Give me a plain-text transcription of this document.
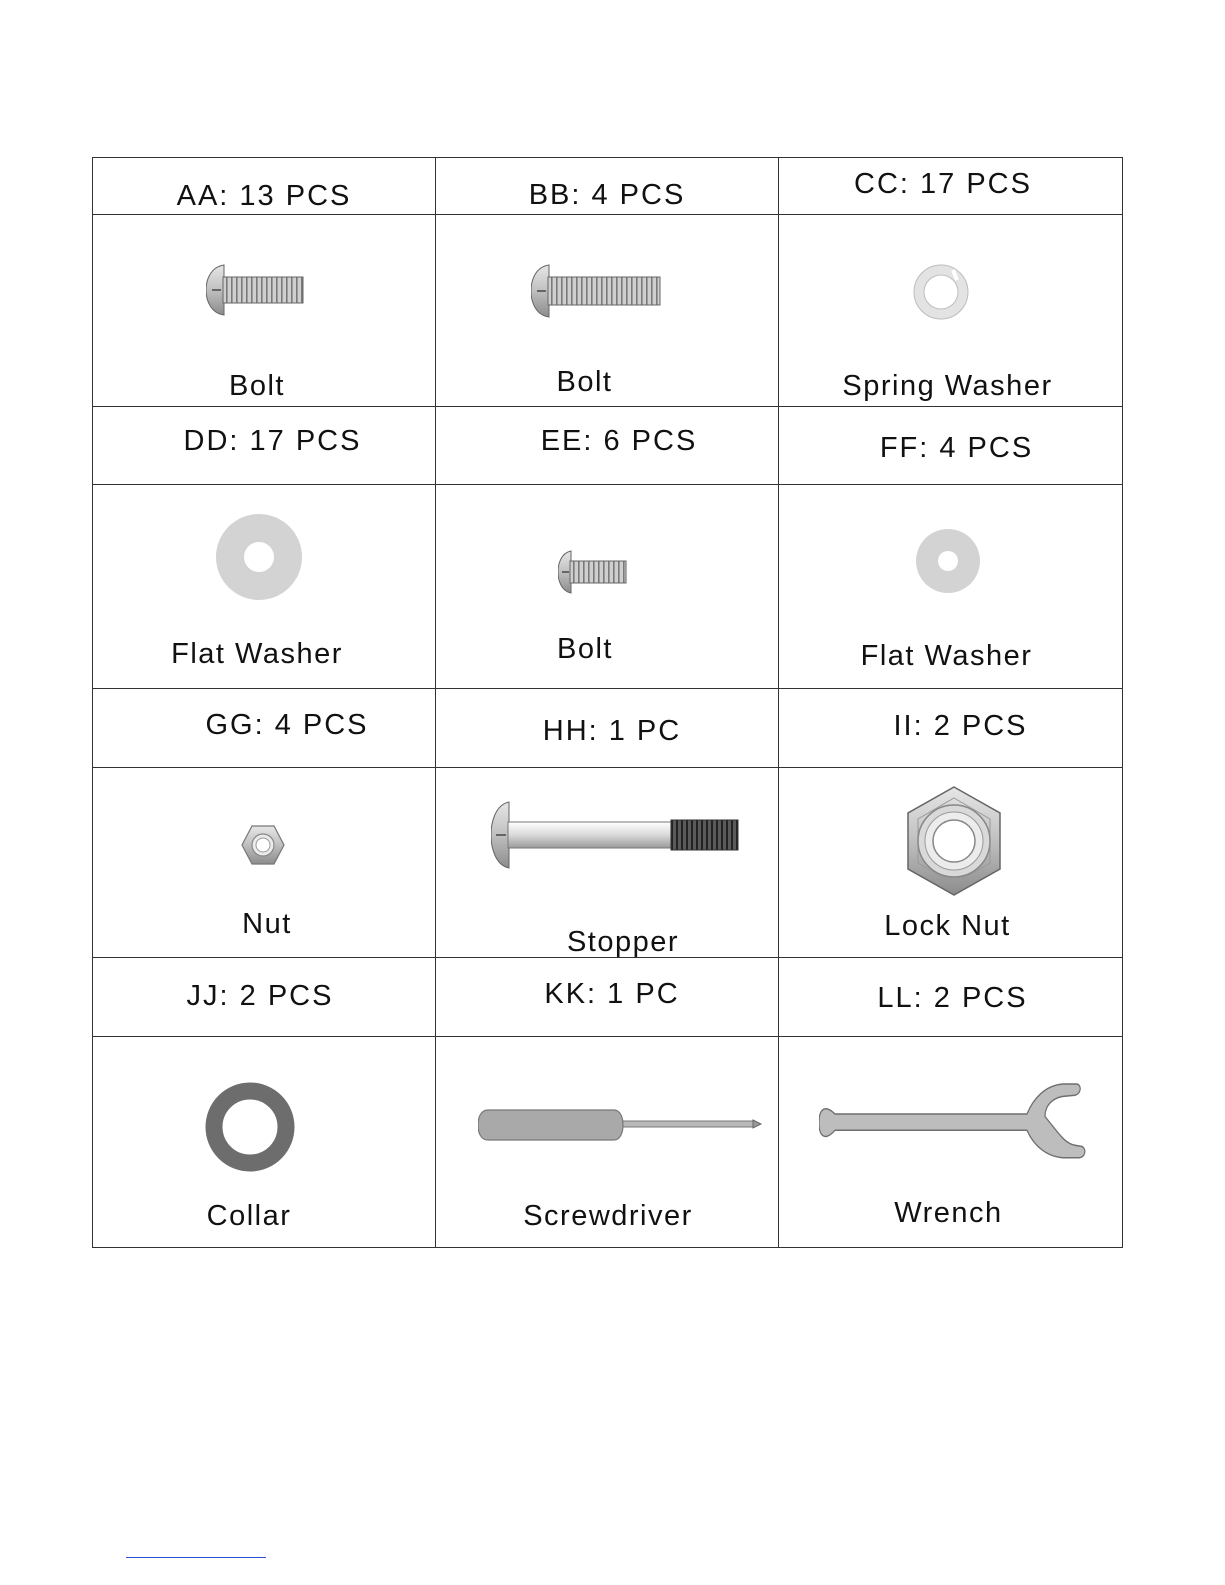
AA: 13 PCS	BB: 4 PCS	CC: 17 PCS

Bolt	Bolt	Spring Washer

DD: 17 PCS	EE: 6 PCS	FF: 4 PCS

Flat Washer	Bolt	Flat Washer

GG: 4 PCS	HH: 1 PC	II: 2 PCS

Nut	Stopper	Lock Nut

JJ: 2 PCS	KK: 1 PC	LL: 2 PCS

Collar	Screwdriver	Wrench
